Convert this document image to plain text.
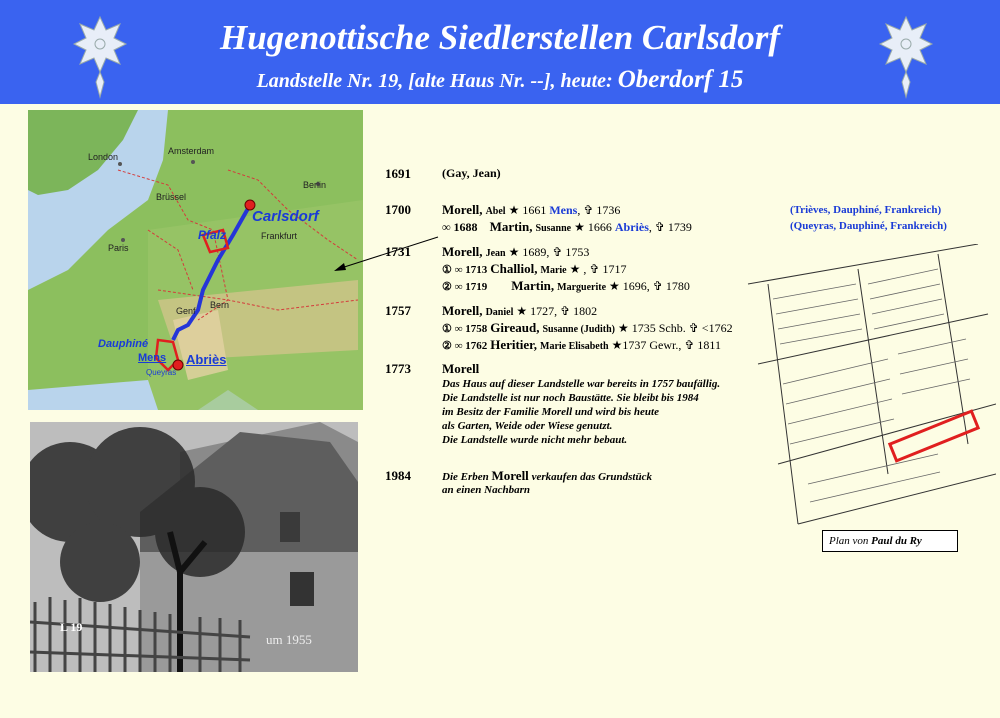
Hugenottische Siedlerstellen Carlsdorf
Landstelle Nr. 19, [alte Haus Nr. --], heute: Oberdorf 15
London
Amsterdam
Berlin
Brüssel
Paris
Frankfurt
Carlsdorf
Pfalz
Bern
Genf
Dauphiné
Mens Abriès
Queyras
L 19
um 1955
1691	(Gay, Jean)
1700 Morell, Abel ★ 1661 Mens, ✞ 1736
∞ 1688 Martin, Susanne ★ 1666 Abriès, ✞ 1739
1731 Morell, Jean ★ 1689, ✞ 1753
① ∞ 1713 Challiol, Marie ★ , ✞ 1717
② ∞ 1719 Martin, Marguerite ★ 1696, ✞ 1780
1757 Morell, Daniel ★ 1727, ✞ 1802
① ∞ 1758 Gireaud, Susanne (Judith) ★ 1735 Schb. ✞ <1762
② ∞ 1762 Heritier, Marie Elisabeth ★1737 Gewr., ✞ 1811
1773 Morell
Das Haus auf dieser Landstelle war bereits in 1757 baufällig.
Die Landstelle ist nur noch Baustätte. Sie bleibt bis 1984
im Besitz der Familie Morell und wird bis heute
als Garten, Weide oder Wiese genutzt.
Die Landstelle wurde nicht mehr bebaut.
1984	Die Erben Morell verkaufen das Grundstück
an einen Nachbarn
(Trièves, Dauphiné, Frankreich)
(Queyras, Dauphiné, Frankreich)
Plan von Paul du Ry
